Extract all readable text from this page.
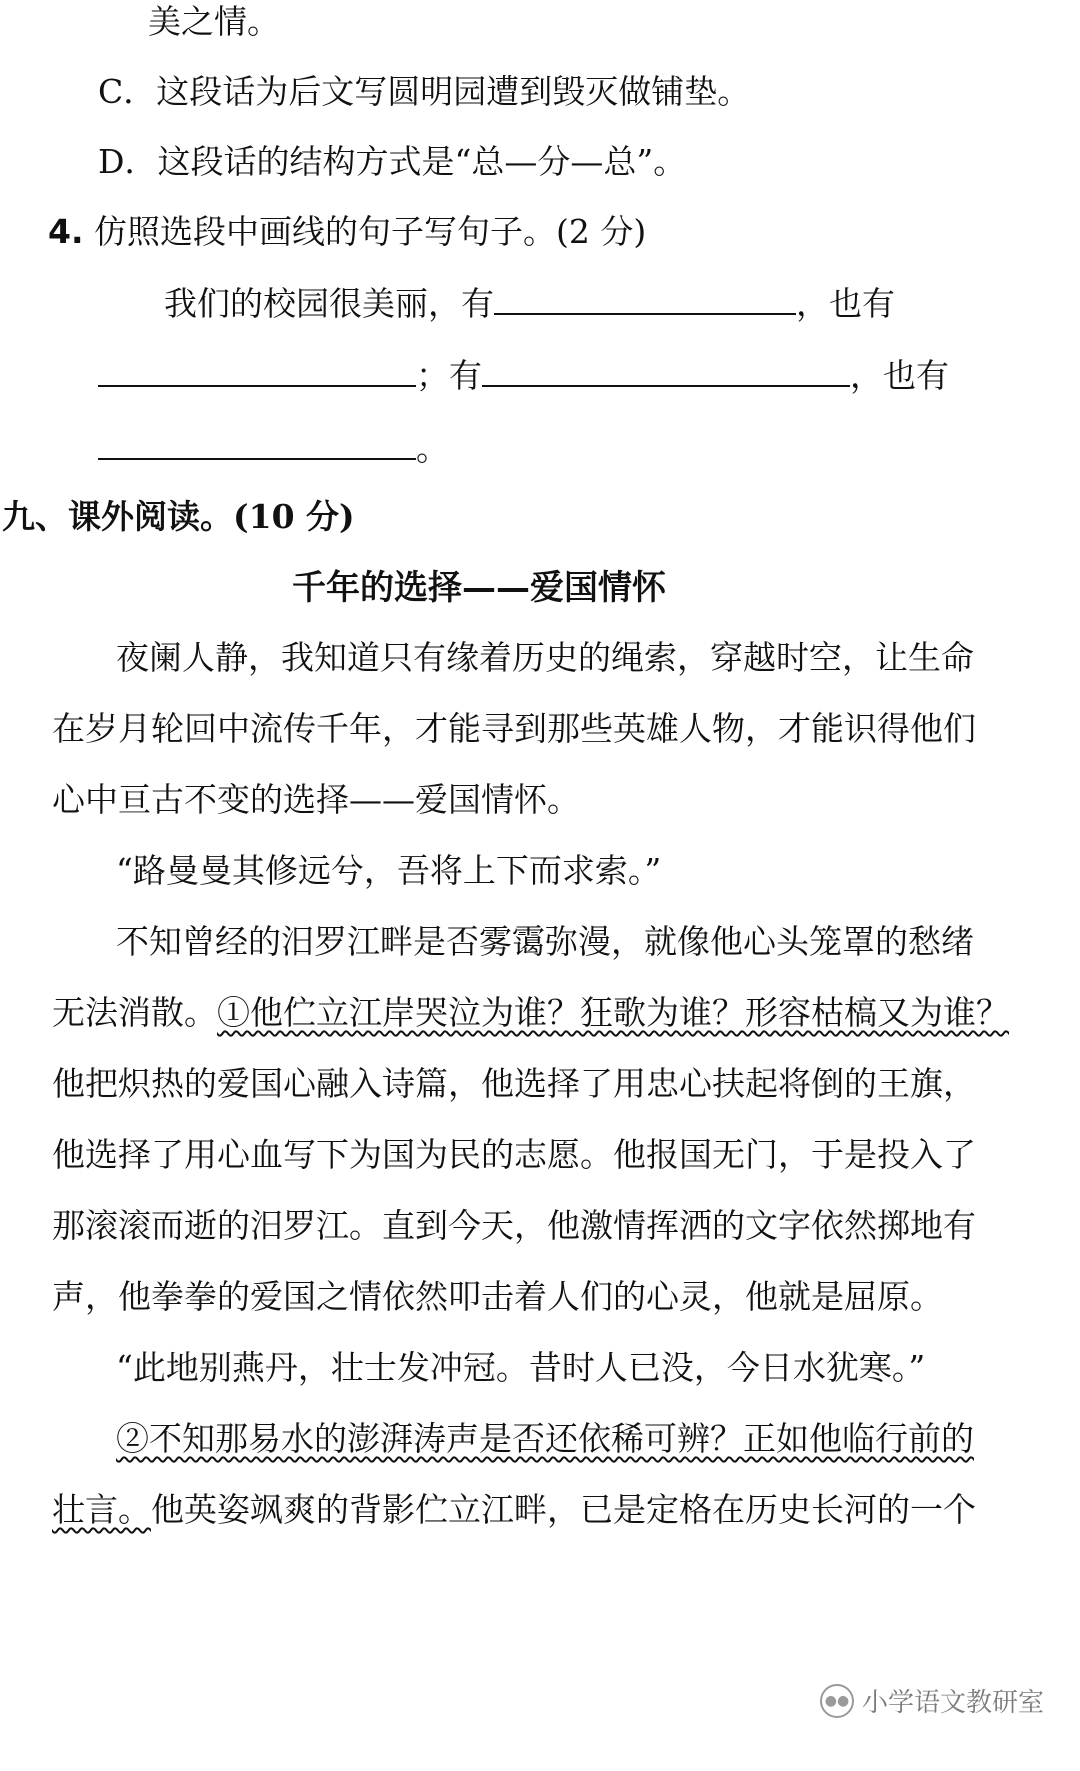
美之情。
C．这段话为后文写圆明园遭到毁灭做铺垫。
D．这段话的结构方式是“总—分—总”。
4. 仿照选段中画线的句子写句子。(2 分)
我们的校园很美丽，有	，也有
；有	，也有
。
九、课外阅读。(10 分)
千年的选择——爱国情怀
夜阑人静，我知道只有缘着历史的绳索，穿越时空，让生命
在岁月轮回中流传千年，才能寻到那些英雄人物，才能识得他们
心中亘古不变的选择——爱国情怀。
“路曼曼其修远兮，吾将上下而求索。”
不知曾经的汨罗江畔是否雾霭弥漫，就像他心头笼罩的愁绪
无法消散。①他伫立江岸哭泣为谁？狂歌为谁？形容枯槁又为谁？
他把炽热的爱国心融入诗篇，他选择了用忠心扶起将倒的王旗，
他选择了用心血写下为国为民的志愿。他报国无门，于是投入了
那滚滚而逝的汨罗江。直到今天，他激情挥洒的文字依然掷地有
声，他拳拳的爱国之情依然叩击着人们的心灵，他就是屈原。
“此地别燕丹，壮士发冲冠。昔时人已没，今日水犹寒。”
②不知那易水的澎湃涛声是否还依稀可辨？正如他临行前的
壮言。他英姿飒爽的背影伫立江畔，已是定格在历史长河的一个
●● 小学语文教研室
